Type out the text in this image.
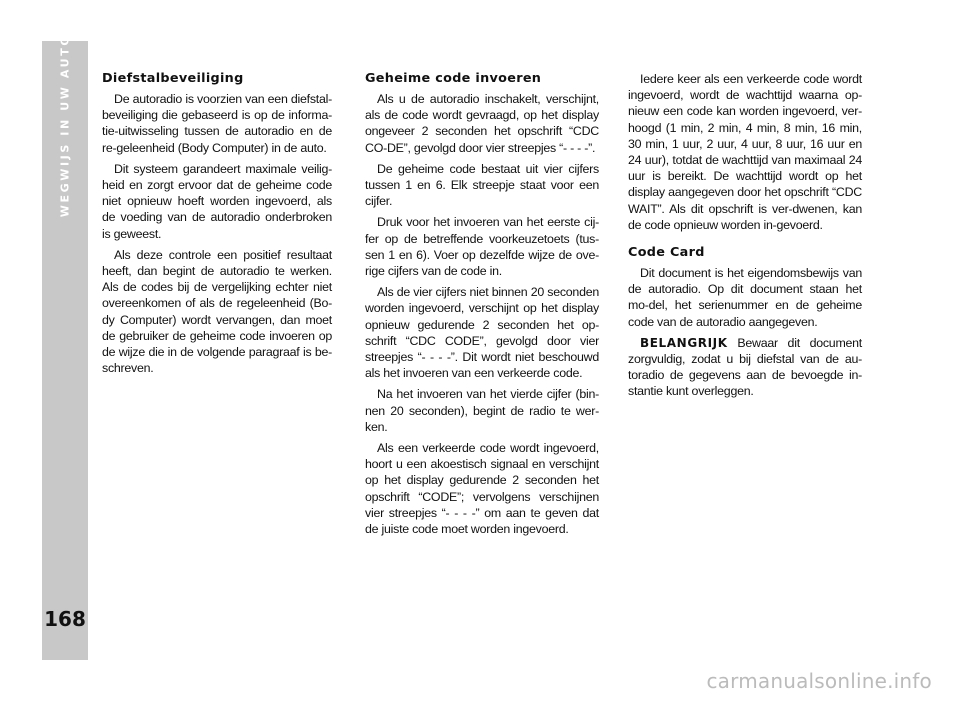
WEGWIJS IN UW AUTO
168
Diefstalbeveiliging

De autoradio is voorzien van een diefstal-beveiliging die gebaseerd is op de informa-tie-uitwisseling tussen de autoradio en de re-geleenheid (Body Computer) in de auto.

Dit systeem garandeert maximale veilig-heid en zorgt ervoor dat de geheime code niet opnieuw hoeft worden ingevoerd, als de voeding van de autoradio onderbroken is geweest.

Als deze controle een positief resultaat heeft, dan begint de autoradio te werken. Als de codes bij de vergelijking echter niet overeenkomen of als de regeleenheid (Bo-dy Computer) wordt vervangen, dan moet de gebruiker de geheime code invoeren op de wijze die in de volgende paragraaf is be-schreven.

Geheime code invoeren

Als u de autoradio inschakelt, verschijnt, als de code wordt gevraagd, op het display ongeveer 2 seconden het opschrift “CDC CO-DE”, gevolgd door vier streepjes “- - - -”.

De geheime code bestaat uit vier cijfers tussen 1 en 6. Elk streepje staat voor een cijfer.

Druk voor het invoeren van het eerste cij-fer op de betreffende voorkeuzetoets (tus-sen 1 en 6). Voer op dezelfde wijze de ove-rige cijfers van de code in.

Als de vier cijfers niet binnen 20 seconden worden ingevoerd, verschijnt op het display opnieuw gedurende 2 seconden het op-schrift “CDC CODE”, gevolgd door vier streepjes “- - - -”. Dit wordt niet beschouwd als het invoeren van een verkeerde code.

Na het invoeren van het vierde cijfer (bin-nen 20 seconden), begint de radio te wer-ken.

Als een verkeerde code wordt ingevoerd, hoort u een akoestisch signaal en verschijnt op het display gedurende 2 seconden het opschrift “CODE”; vervolgens verschijnen vier streepjes “- - - -” om aan te geven dat de juiste code moet worden ingevoerd.

Iedere keer als een verkeerde code wordt ingevoerd, wordt de wachttijd waarna op-nieuw een code kan worden ingevoerd, ver-hoogd (1 min, 2 min, 4 min, 8 min, 16 min, 30 min, 1 uur, 2 uur, 4 uur, 8 uur, 16 uur en 24 uur), totdat de wachttijd van maximaal 24 uur is bereikt. De wachttijd wordt op het display aangegeven door het opschrift “CDC WAIT”. Als dit opschrift is ver-dwenen, kan de code opnieuw worden in-gevoerd.

Code Card

Dit document is het eigendomsbewijs van de autoradio. Op dit document staan het mo-del, het serienummer en de geheime code van de autoradio aangegeven.

BELANGRIJK Bewaar dit document zorgvuldig, zodat u bij diefstal van de au-toradio de gegevens aan de bevoegde in-stantie kunt overleggen.

carmanualsonline.info
